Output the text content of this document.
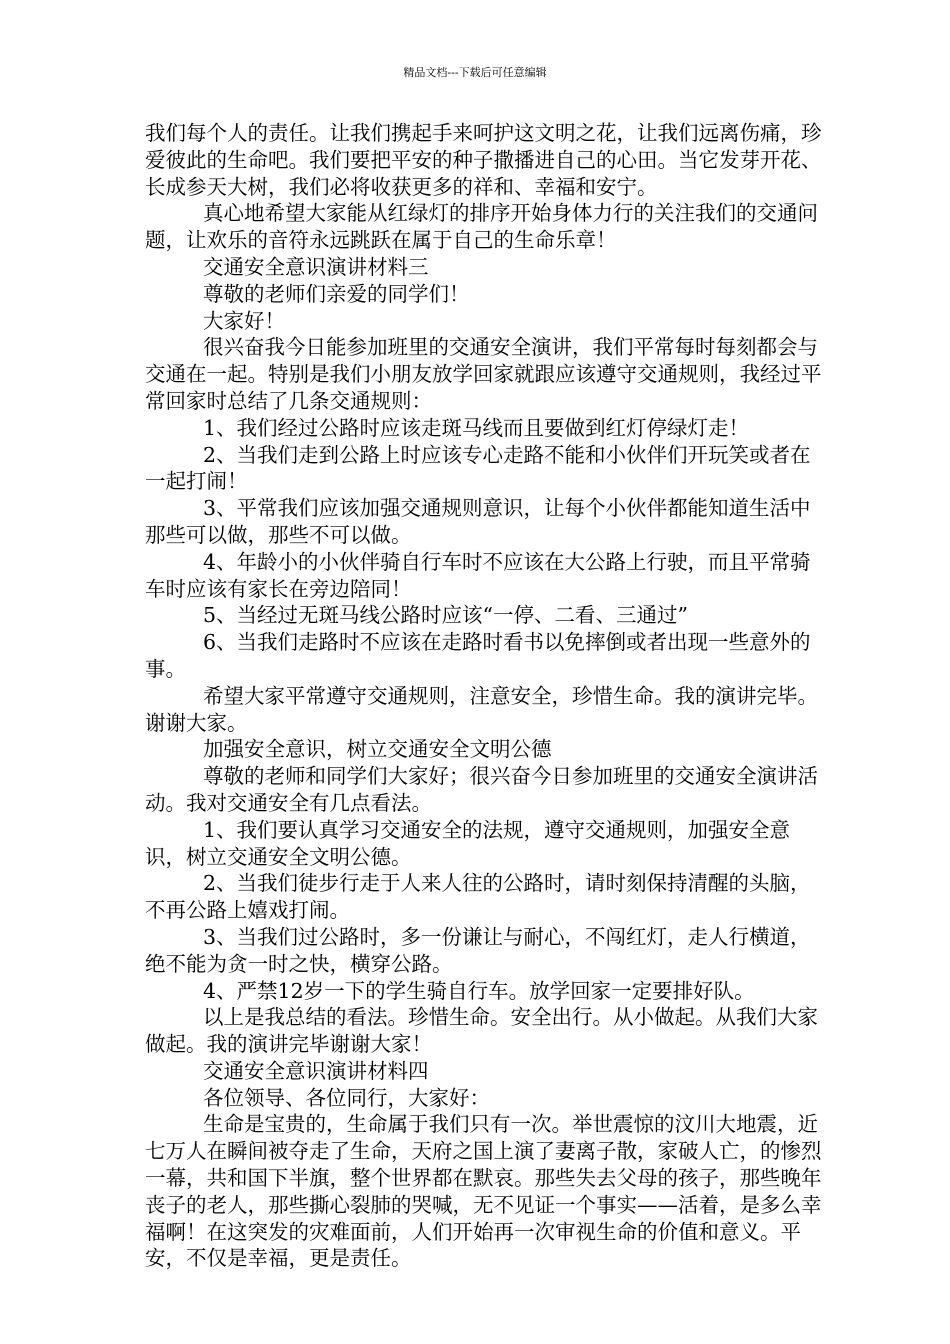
精品文档---下载后可任意编辑

我们每个人的责任。让我们携起手来呵护这文明之花，让我们远离伤痛，珍爱彼此的生命吧。我们要把平安的种子撒播进自己的心田。当它发芽开花、长成参天大树，我们必将收获更多的祥和、幸福和安宁。

真心地希望大家能从红绿灯的排序开始身体力行的关注我们的交通问题，让欢乐的音符永远跳跃在属于自己的生命乐章！

交通安全意识演讲材料三

尊敬的老师们亲爱的同学们！

大家好！

很兴奋我今日能参加班里的交通安全演讲，我们平常每时每刻都会与交通在一起。特别是我们小朋友放学回家就跟应该遵守交通规则，我经过平常回家时总结了几条交通规则：

1、我们经过公路时应该走斑马线而且要做到红灯停绿灯走！

2、当我们走到公路上时应该专心走路不能和小伙伴们开玩笑或者在一起打闹！

3、平常我们应该加强交通规则意识，让每个小伙伴都能知道生活中那些可以做，那些不可以做。

4、年龄小的小伙伴骑自行车时不应该在大公路上行驶，而且平常骑车时应该有家长在旁边陪同！

5、当经过无斑马线公路时应该“一停、二看、三通过”

6、当我们走路时不应该在走路时看书以免摔倒或者出现一些意外的事。

希望大家平常遵守交通规则，注意安全，珍惜生命。我的演讲完毕。谢谢大家。

加强安全意识，树立交通安全文明公德

尊敬的老师和同学们大家好；很兴奋今日参加班里的交通安全演讲活动。我对交通安全有几点看法。

1、我们要认真学习交通安全的法规，遵守交通规则，加强安全意识，树立交通安全文明公德。

2、当我们徒步行走于人来人往的公路时，请时刻保持清醒的头脑，不再公路上嬉戏打闹。

3、当我们过公路时，多一份谦让与耐心，不闯红灯，走人行横道，绝不能为贪一时之快，横穿公路。

4、严禁12岁一下的学生骑自行车。放学回家一定要排好队。

以上是我总结的看法。珍惜生命。安全出行。从小做起。从我们大家做起。我的演讲完毕谢谢大家！

交通安全意识演讲材料四

各位领导、各位同行，大家好：

生命是宝贵的，生命属于我们只有一次。举世震惊的汶川大地震，近七万人在瞬间被夺走了生命，天府之国上演了妻离子散，家破人亡，的惨烈一幕，共和国下半旗，整个世界都在默哀。那些失去父母的孩子，那些晚年丧子的老人，那些撕心裂肺的哭喊，无不见证一个事实——活着，是多么幸福啊！在这突发的灾难面前，人们开始再一次审视生命的价值和意义。平安，不仅是幸福，更是责任。
